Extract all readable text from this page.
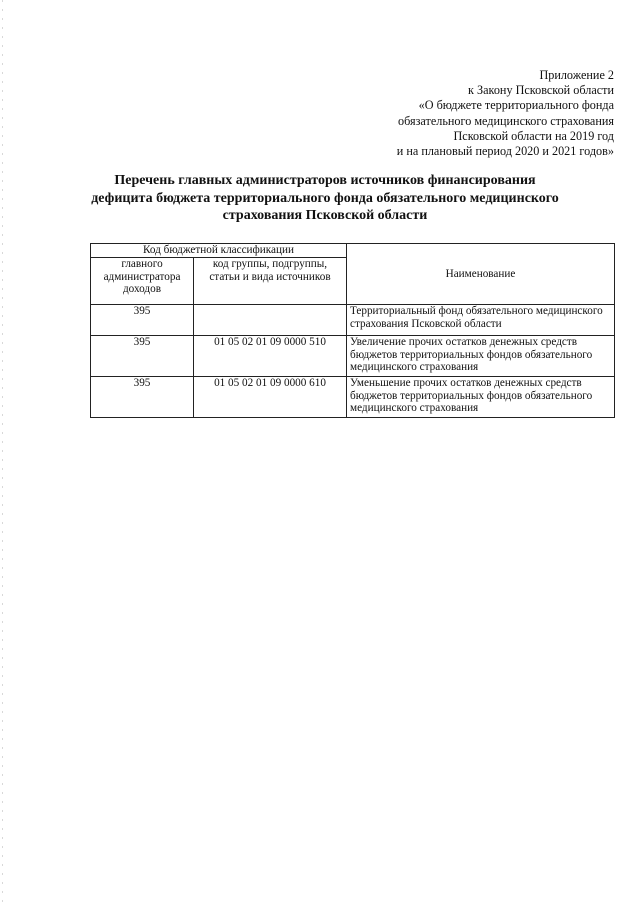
Приложение 2
к Закону Псковской области
«О бюджете территориального фонда
обязательного медицинского страхования
Псковской области на 2019 год
и на плановый период 2020 и 2021 годов»
Перечень главных администраторов источников финансирования
дефицита бюджета территориального фонда обязательного медицинского
страхования Псковской области
Код бюджетной классификации		Наименование
главного администратора доходов	код группы, подгруппы, статьи и вида источников	
395		Территориальный фонд обязательного медицинского страхования Псковской области
395	01 05 02 01 09 0000 510	Увеличение прочих остатков денежных средств бюджетов территориальных фондов обязательного медицинского страхования
395	01 05 02 01 09 0000 610	Уменьшение прочих остатков денежных средств бюджетов территориальных фондов обязательного медицинского страхования
